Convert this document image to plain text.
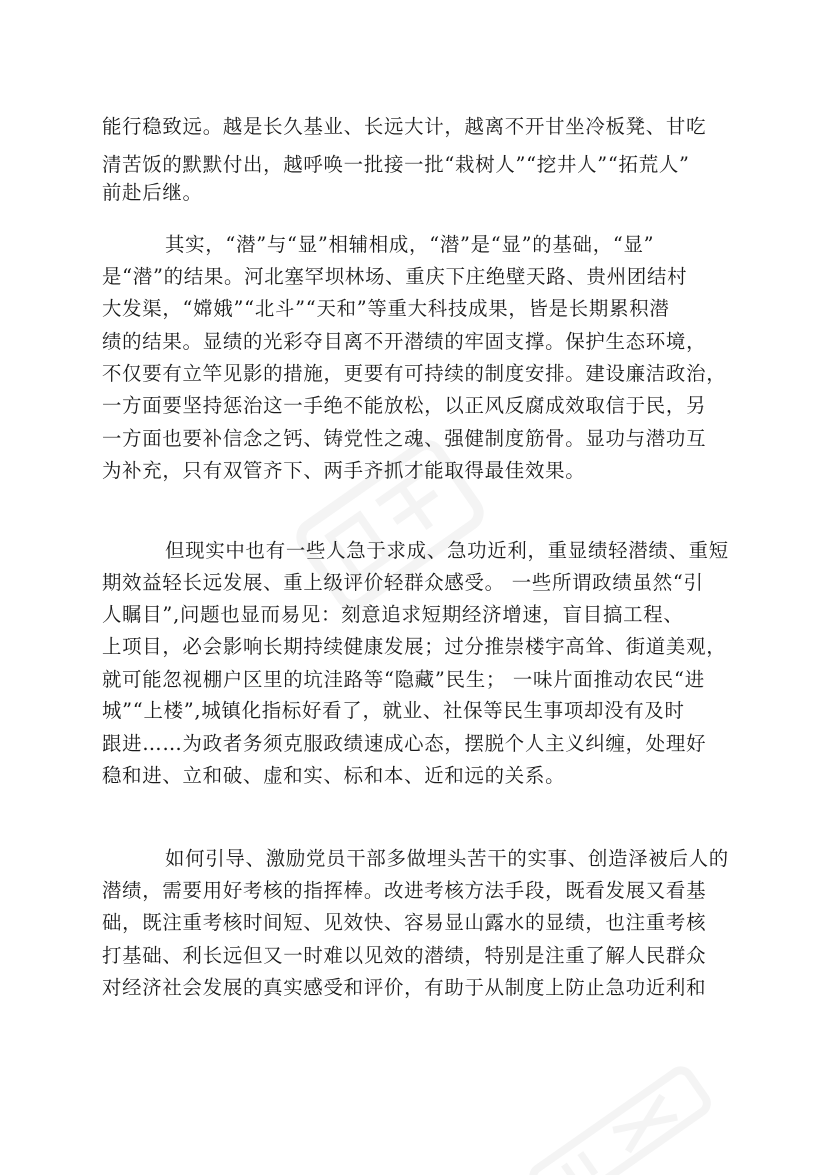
能行稳致远。越是长久基业、长远大计，越离不开甘坐冷板凳、甘吃
清苦饭的默默付出，越呼唤一批接一批“栽树人”“挖井人”“拓荒人”
前赴后继。
其实，“潜”与“显”相辅相成，“潜”是“显”的基础，“显”
是“潜”的结果。河北塞罕坝林场、重庆下庄绝壁天路、贵州团结村
大发渠，“嫦娥”“北斗”“天和”等重大科技成果，皆是长期累积潜
绩的结果。显绩的光彩夺目离不开潜绩的牢固支撑。保护生态环境，
不仅要有立竿见影的措施，更要有可持续的制度安排。建设廉洁政治，
一方面要坚持惩治这一手绝不能放松，以正风反腐成效取信于民，另
一方面也要补信念之钙、铸党性之魂、强健制度筋骨。显功与潜功互
为补充，只有双管齐下、两手齐抓才能取得最佳效果。
但现实中也有一些人急于求成、急功近利，重显绩轻潜绩、重短
期效益轻长远发展、重上级评价轻群众感受。 一些所谓政绩虽然“引
人瞩目”,问题也显而易见：刻意追求短期经济增速，盲目搞工程、
上项目，必会影响长期持续健康发展；过分推崇楼宇高耸、街道美观，
就可能忽视棚户区里的坑洼路等“隐藏”民生； 一味片面推动农民“进
城”“上楼”,城镇化指标好看了，就业、社保等民生事项却没有及时
跟进……为政者务须克服政绩速成心态，摆脱个人主义纠缠，处理好
稳和进、立和破、虚和实、标和本、近和远的关系。
如何引导、激励党员干部多做埋头苦干的实事、创造泽被后人的
潜绩，需要用好考核的指挥棒。改进考核方法手段，既看发展又看基
础，既注重考核时间短、见效快、容易显山露水的显绩，也注重考核
打基础、利长远但又一时难以见效的潜绩，特别是注重了解人民群众
对经济社会发展的真实感受和评价，有助于从制度上防止急功近利和
